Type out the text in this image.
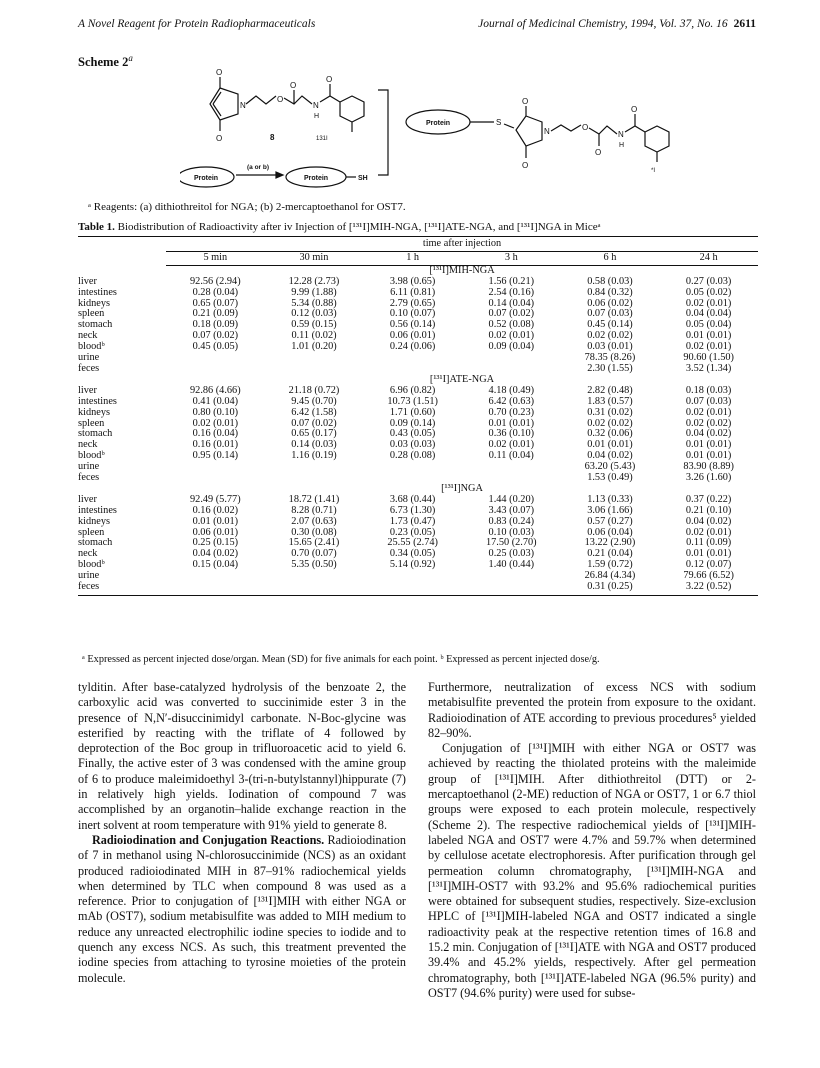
A Novel Reagent for Protein Radiopharmaceuticals	Journal of Medicinal Chemistry, 1994, Vol. 37, No. 16 2611
Scheme 2$^a$
O
O
N
O
O
N
H
O
8	131I
Protein	S
O
O
N	O
O
N
H
O
*I
Protein
(a or b)
Protein	SH
ᵃ Reagents: (a) dithiothreitol for NGA; (b) 2-mercaptoethanol for OST7.
Table 1. Biodistribution of Radioactivity after iv Injection of [¹³¹I]MIH-NGA, [¹³¹I]ATE-NGA, and [¹³¹I]NGA in Miceᵃ
	time after injection					
	5 min	30 min	1 h	3 h	6 h	24 h
	[¹³¹I]MIH-NGA					
liver	92.56 (2.94)	12.28 (2.73)	3.98 (0.65)	1.56 (0.21)	0.58 (0.03)	0.27 (0.03)
intestines	0.28 (0.04)	9.99 (1.88)	6.11 (0.81)	2.54 (0.16)	0.84 (0.32)	0.05 (0.02)
kidneys	0.65 (0.07)	5.34 (0.88)	2.79 (0.65)	0.14 (0.04)	0.06 (0.02)	0.02 (0.01)
spleen	0.21 (0.09)	0.12 (0.03)	0.10 (0.07)	0.07 (0.02)	0.07 (0.03)	0.04 (0.04)
stomach	0.18 (0.09)	0.59 (0.15)	0.56 (0.14)	0.52 (0.08)	0.45 (0.14)	0.05 (0.04)
neck	0.07 (0.02)	0.11 (0.02)	0.06 (0.01)	0.02 (0.01)	0.02 (0.02)	0.01 (0.01)
bloodᵇ	0.45 (0.05)	1.01 (0.20)	0.24 (0.06)	0.09 (0.04)	0.03 (0.01)	0.02 (0.01)
urine					78.35 (8.26)	90.60 (1.50)
feces					2.30 (1.55)	3.52 (1.34)
	[¹³¹I]ATE-NGA					
liver	92.86 (4.66)	21.18 (0.72)	6.96 (0.82)	4.18 (0.49)	2.82 (0.48)	0.18 (0.03)
intestines	0.41 (0.04)	9.45 (0.70)	10.73 (1.51)	6.42 (0.63)	1.83 (0.57)	0.07 (0.03)
kidneys	0.80 (0.10)	6.42 (1.58)	1.71 (0.60)	0.70 (0.23)	0.31 (0.02)	0.02 (0.01)
spleen	0.02 (0.01)	0.07 (0.02)	0.09 (0.14)	0.01 (0.01)	0.02 (0.02)	0.02 (0.02)
stomach	0.16 (0.04)	0.65 (0.17)	0.43 (0.05)	0.36 (0.10)	0.32 (0.06)	0.04 (0.02)
neck	0.16 (0.01)	0.14 (0.03)	0.03 (0.03)	0.02 (0.01)	0.01 (0.01)	0.01 (0.01)
bloodᵇ	0.95 (0.14)	1.16 (0.19)	0.28 (0.08)	0.11 (0.04)	0.04 (0.02)	0.01 (0.01)
urine					63.20 (5.43)	83.90 (8.89)
feces					1.53 (0.49)	3.26 (1.60)
	[¹³¹I]NGA					
liver	92.49 (5.77)	18.72 (1.41)	3.68 (0.44)	1.44 (0.20)	1.13 (0.33)	0.37 (0.22)
intestines	0.16 (0.02)	8.28 (0.71)	6.73 (1.30)	3.43 (0.07)	3.06 (1.66)	0.21 (0.10)
kidneys	0.01 (0.01)	2.07 (0.63)	1.73 (0.47)	0.83 (0.24)	0.57 (0.27)	0.04 (0.02)
spleen	0.06 (0.01)	0.30 (0.08)	0.23 (0.05)	0.10 (0.03)	0.06 (0.04)	0.02 (0.01)
stomach	0.25 (0.15)	15.65 (2.41)	25.55 (2.74)	17.50 (2.70)	13.22 (2.90)	0.11 (0.09)
neck	0.04 (0.02)	0.70 (0.07)	0.34 (0.05)	0.25 (0.03)	0.21 (0.04)	0.01 (0.01)
bloodᵇ	0.15 (0.04)	5.35 (0.50)	5.14 (0.92)	1.40 (0.44)	1.59 (0.72)	0.12 (0.07)
urine					26.84 (4.34)	79.66 (6.52)
feces					0.31 (0.25)	3.22 (0.52)
ᵃ Expressed as percent injected dose/organ. Mean (SD) for five animals for each point. ᵇ Expressed as percent injected dose/g.

tylditin. After base-catalyzed hydrolysis of the benzoate 2, the carboxylic acid was converted to succinimide ester 3 in the presence of N,N′-disuccinimidyl carbonate. N-Boc-glycine was esterified by reacting with the triflate of 4 followed by deprotection of the Boc group in trifluoroacetic acid to yield 6. Finally, the active ester of 3 was condensed with the amine group of 6 to produce maleimidoethyl 3-(tri-n-butylstannyl)hippurate (7) in relatively high yields. Iodination of compound 7 was accomplished by an organotin–halide exchange reaction in the inert solvent at room temperature with 91% yield to generate 8.

Radioiodination and Conjugation Reactions. Radioiodination of 7 in methanol using N-chlorosuccinimide (NCS) as an oxidant produced radioiodinated MIH in 87–91% radiochemical yields when determined by TLC when compound 8 was used as a reference. Prior to conjugation of [¹³¹I]MIH with either NGA or mAb (OST7), sodium metabisulfite was added to MIH medium to reduce any unreacted electrophilic iodine species to iodide and to quench any excess NCS. As such, this treatment prevented the iodine species from attaching to tyrosine moieties of the protein molecule.

Furthermore, neutralization of excess NCS with sodium metabisulfite prevented the protein from exposure to the oxidant. Radioiodination of ATE according to previous procedures⁵ yielded 82–90%.

Conjugation of [¹³¹I]MIH with either NGA or OST7 was achieved by reacting the thiolated proteins with the maleimide group of [¹³¹I]MIH. After dithiothreitol (DTT) or 2-mercaptoethanol (2-ME) reduction of NGA or OST7, 1 or 6.7 thiol groups were exposed to each protein molecule, respectively (Scheme 2). The respective radiochemical yields of [¹³¹I]MIH-labeled NGA and OST7 were 4.7% and 59.7% when determined by cellulose acetate electrophoresis. After purification through gel permeation column chromatography, [¹³¹I]MIH-NGA and [¹³¹I]MIH-OST7 with 93.2% and 95.6% radiochemical purities were obtained for subsequent studies, respectively. Size-exclusion HPLC of [¹³¹I]MIH-labeled NGA and OST7 indicated a single radioactivity peak at the respective retention times of 16.8 and 15.2 min. Conjugation of [¹³¹I]ATE with NGA and OST7 produced 39.4% and 45.2% yields, respectively. After gel permeation chromatography, both [¹³¹I]ATE-labeled NGA (96.5% purity) and OST7 (94.6% purity) were used for subse-
